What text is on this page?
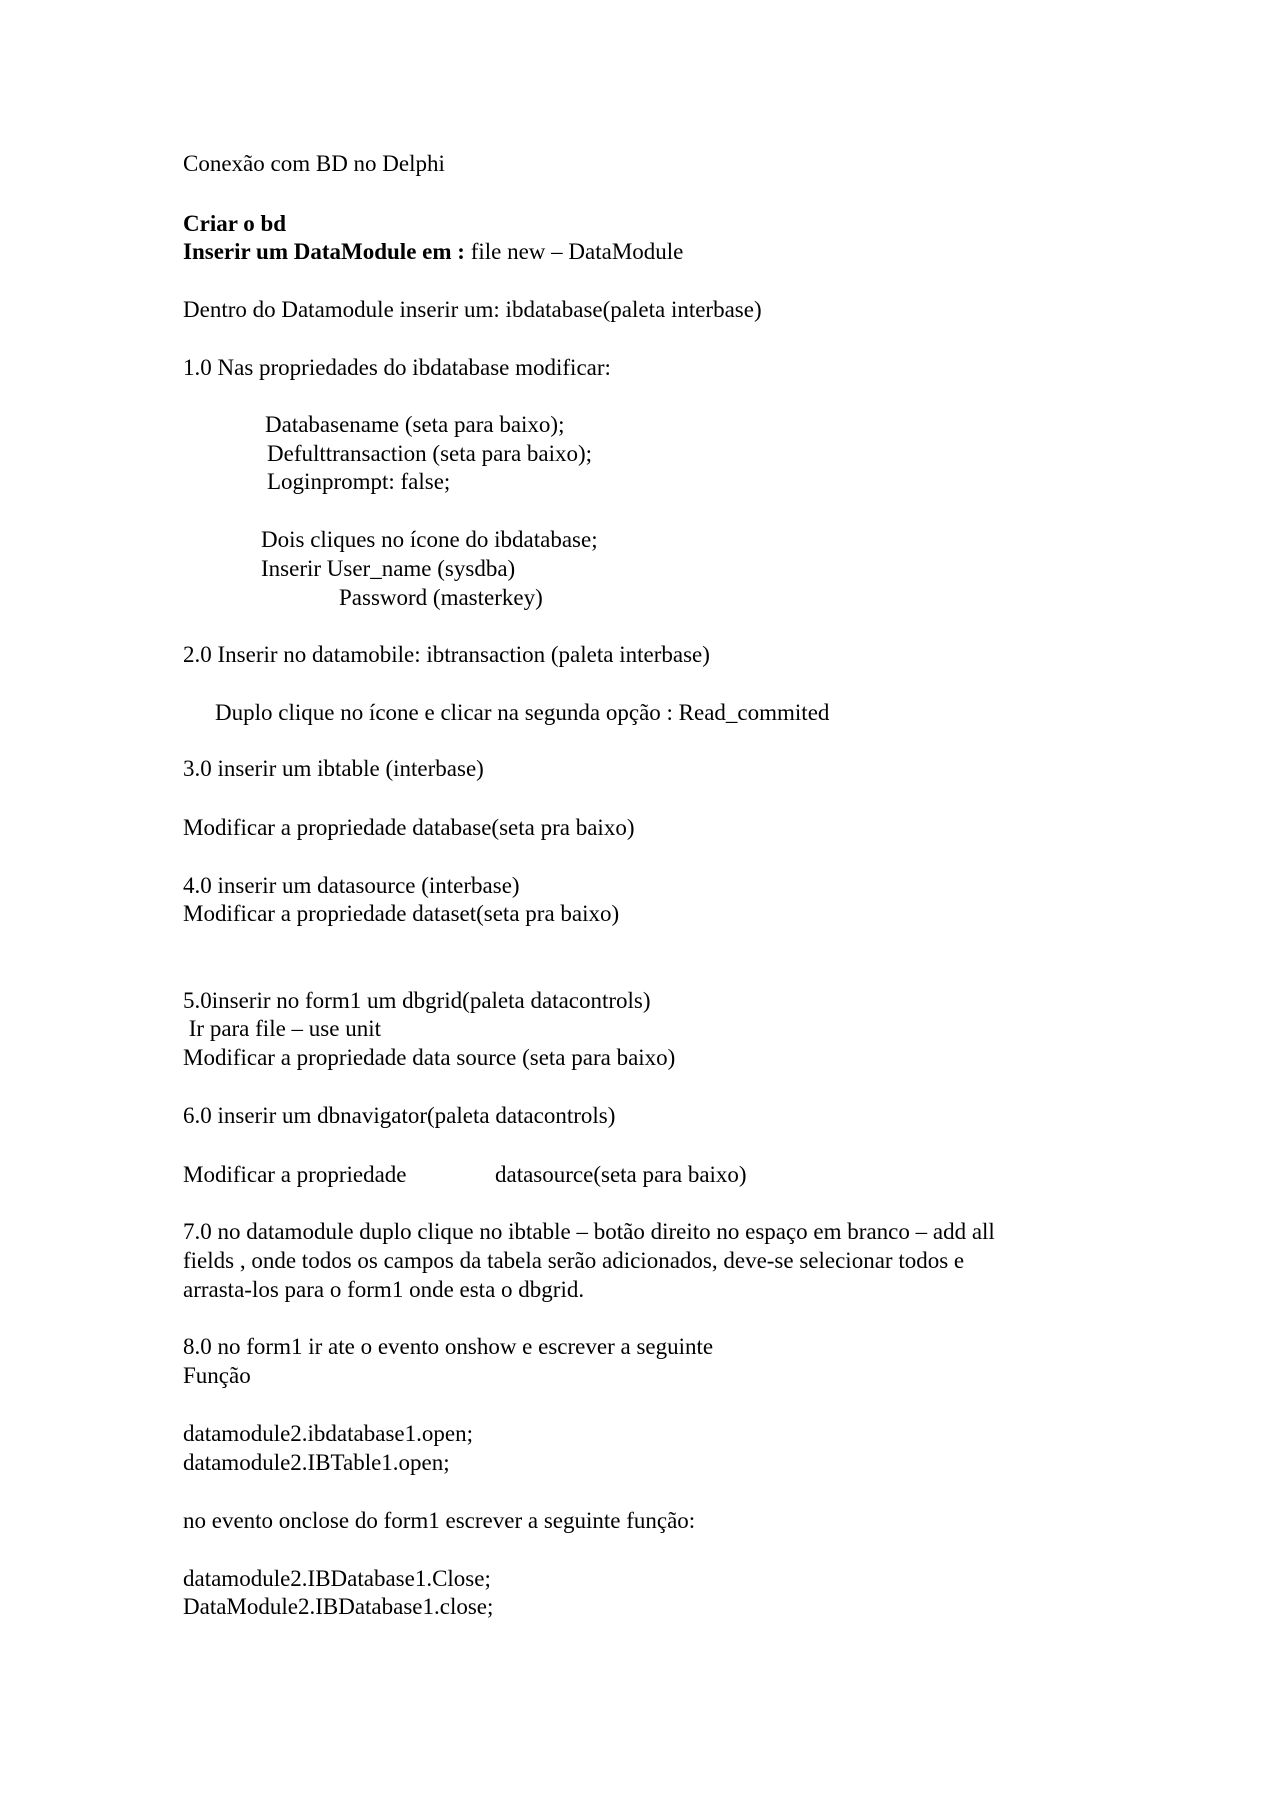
Conexão com BD no Delphi
Criar o bd
Inserir um DataModule em : file new – DataModule
Dentro do Datamodule inserir um: ibdatabase(paleta interbase)
1.0 Nas propriedades do ibdatabase modificar:
Databasename (seta para baixo);
Defulttransaction (seta para baixo);
Loginprompt: false;
Dois cliques no ícone do ibdatabase;
Inserir User_name (sysdba)
Password (masterkey)
2.0 Inserir no datamobile: ibtransaction (paleta interbase)
Duplo clique no ícone e clicar na segunda opção : Read_commited
3.0 inserir um ibtable (interbase)
Modificar a propriedade database(seta pra baixo)
4.0 inserir um datasource (interbase)
Modificar a propriedade dataset(seta pra baixo)
5.0inserir no form1 um dbgrid(paleta datacontrols)
Ir para file – use unit
Modificar a propriedade data source (seta para baixo)
6.0 inserir um dbnavigator(paleta datacontrols)
Modificar a propriedade	datasource(seta para baixo)
7.0 no datamodule duplo clique no ibtable – botão direito no espaço em branco – add all
fields , onde todos os campos da tabela serão adicionados, deve-se selecionar todos e
arrasta-los para o form1 onde esta o dbgrid.
8.0 no form1 ir ate o evento onshow e escrever a seguinte
Função
datamodule2.ibdatabase1.open;
datamodule2.IBTable1.open;
no evento onclose do form1 escrever a seguinte função:
datamodule2.IBDatabase1.Close;
DataModule2.IBDatabase1.close;
